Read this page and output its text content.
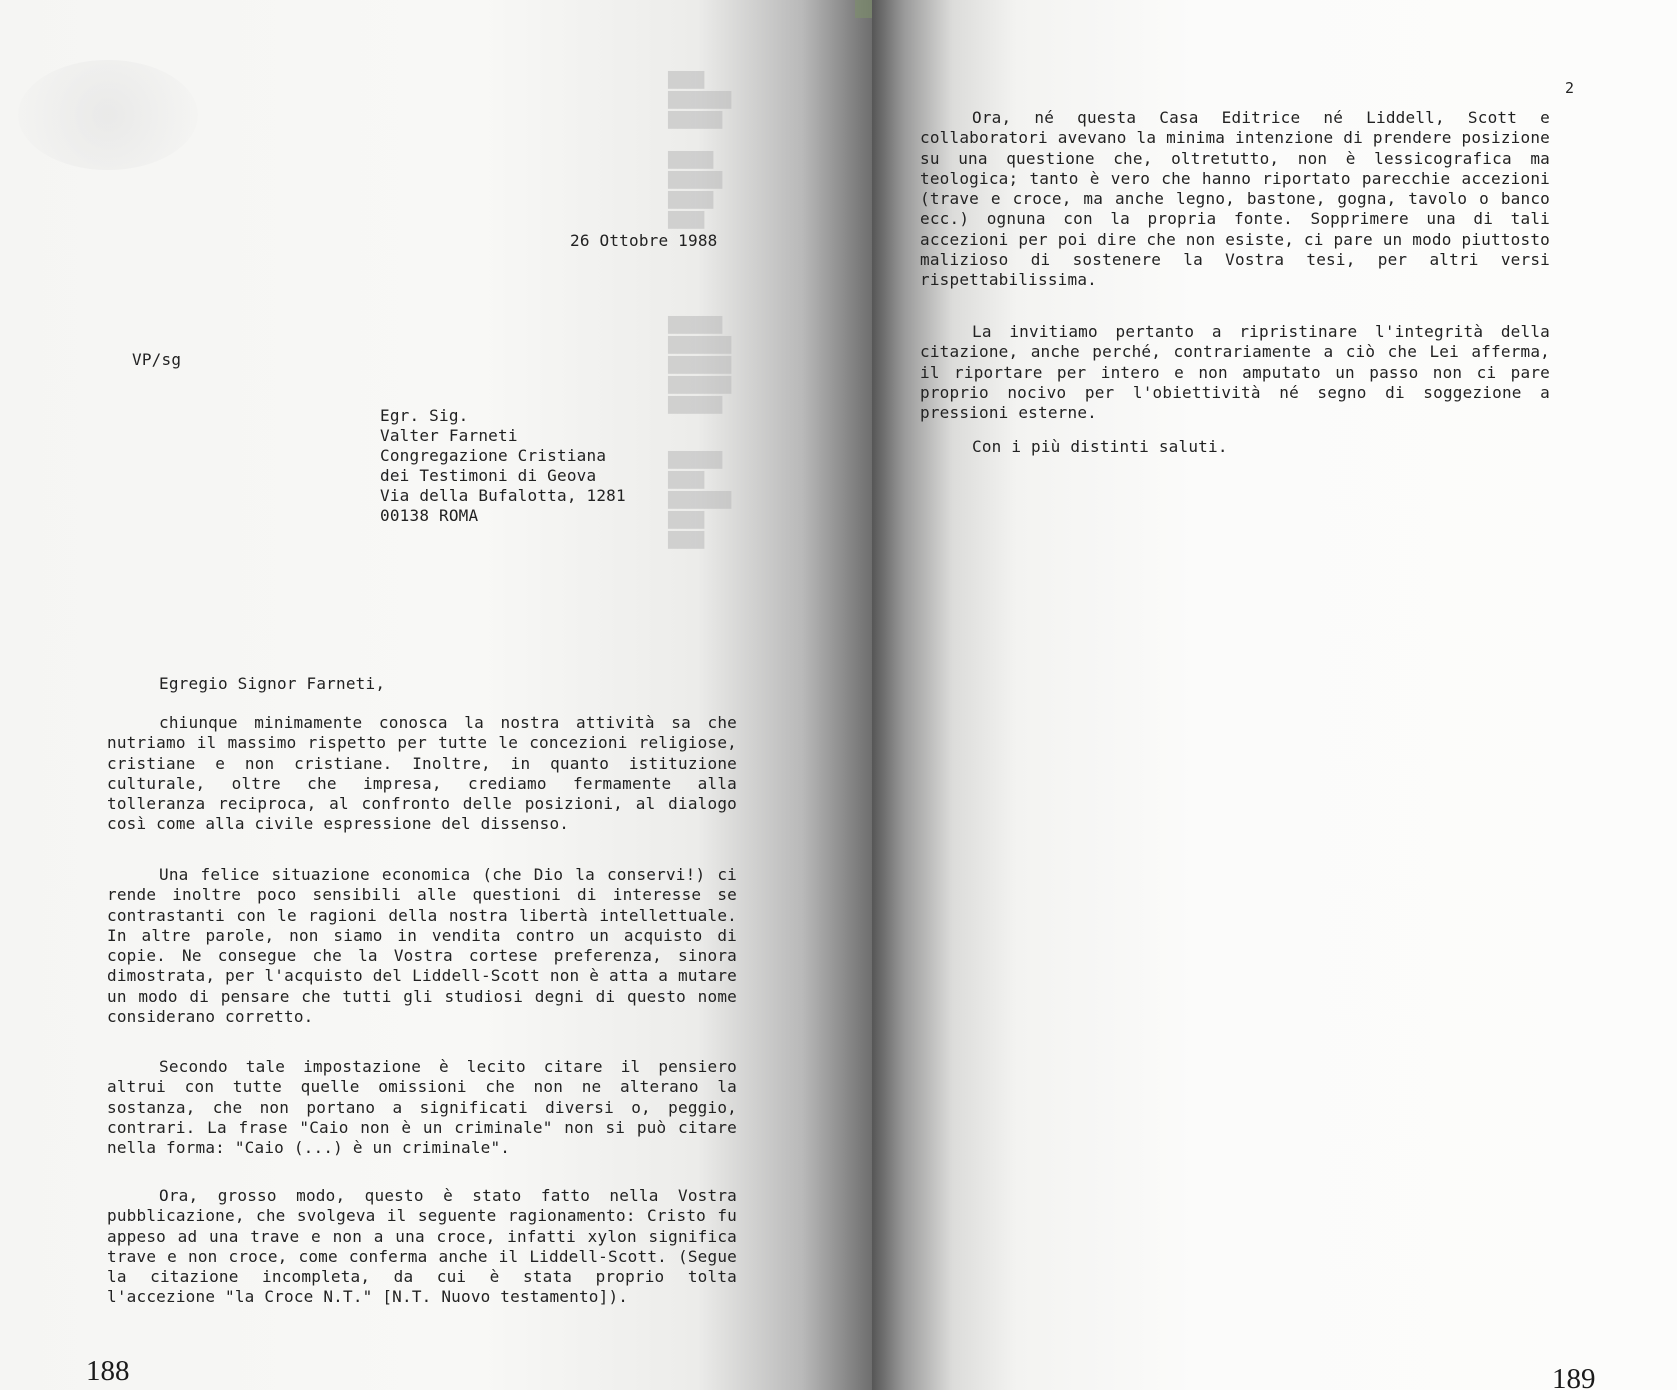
26 Ottobre 1988
VP/sg
Egr. Sig.
Valter Farneti
Congregazione Cristiana
dei Testimoni di Geova
Via della Bufalotta, 1281
00138 ROMA
Egregio Signor Farneti,
chiunque minimamente conosca la nostra attività sa che nutriamo il massimo rispetto per tutte le concezioni religiose, cristiane e non cristiane. Inoltre, in quanto istituzione culturale, oltre che impresa, crediamo fermamente alla tolleranza reciproca, al confronto delle posizioni, al dialogo così come alla civile espressione del dissenso.
Una felice situazione economica (che Dio la conservi!) ci rende inoltre poco sensibili alle questioni di interesse se contrastanti con le ragioni della nostra libertà intellettuale. In altre parole, non siamo in vendita contro un acquisto di copie. Ne consegue che la Vostra cortese preferenza, sinora dimostrata, per l'acquisto del Liddell-Scott non è atta a mutare un modo di pensare che tutti gli studiosi degni di questo nome considerano corretto.
Secondo tale impostazione è lecito citare il pensiero altrui con tutte quelle omissioni che non ne alterano la sostanza, che non portano a significati diversi o, peggio, contrari. La frase "Caio non è un criminale" non si può citare nella forma: "Caio (...) è un criminale".
Ora, grosso modo, questo è stato fatto nella Vostra pubblicazione, che svolgeva il seguente ragionamento: Cristo fu appeso ad una trave e non a una croce, infatti xylon significa trave e non croce, come conferma anche il Liddell-Scott. (Segue la citazione incompleta, da cui è stata proprio tolta l'accezione "la Croce N.T." [N.T. Nuovo testamento]).
████
███████
██████

█████
██████
█████
████
██████
███████
███████
███████
██████
██████
████
███████
████
████
188
2
Ora, né questa Casa Editrice né Liddell, Scott e collaboratori avevano la minima intenzione di prendere posizione su una questione che, oltretutto, non è lessicografica ma teologica; tanto è vero che hanno riportato parecchie accezioni (trave e croce, ma anche legno, bastone, gogna, tavolo o banco ecc.) ognuna con la propria fonte. Sopprimere una di tali accezioni per poi dire che non esiste, ci pare un modo piuttosto malizioso di sostenere la Vostra tesi, per altri versi rispettabilissima.
La invitiamo pertanto a ripristinare l'integrità della citazione, anche perché, contrariamente a ciò che Lei afferma, il riportare per intero e non amputato un passo non ci pare proprio nocivo per l'obiettività né segno di soggezione a pressioni esterne.
Con i più distinti saluti.
189
